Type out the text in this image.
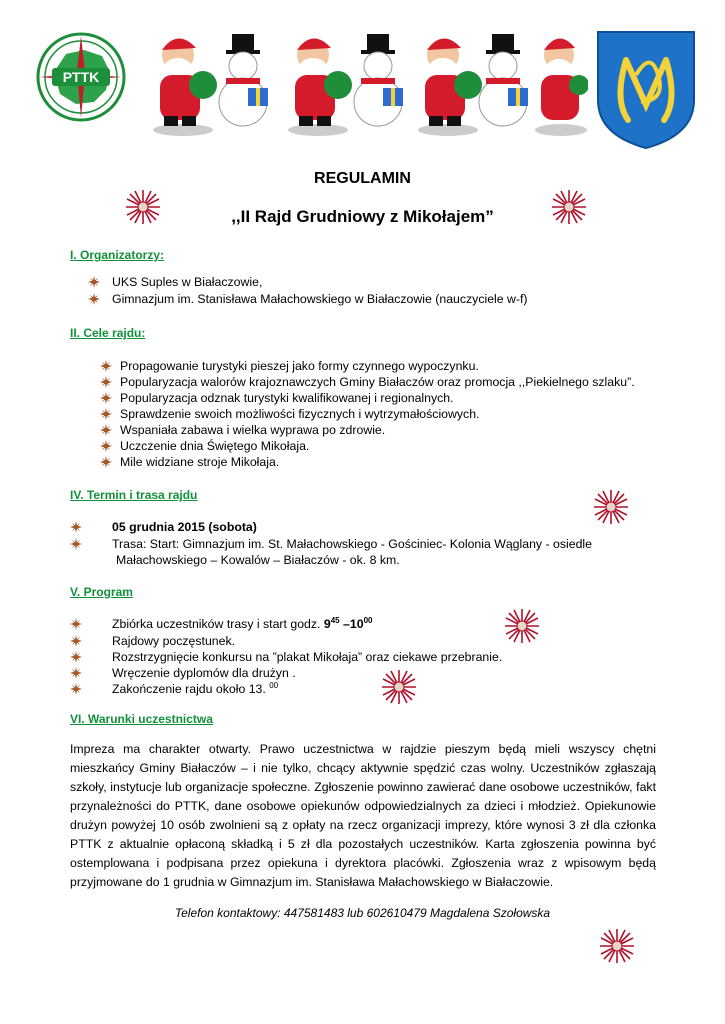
PTTK
REGULAMIN
,,II Rajd Grudniowy z Mikołajem”
I. Organizatorzy:
UKS Suples w Białaczowie,
Gimnazjum im. Stanisława Małachowskiego w Białaczowie (nauczyciele w-f)
II. Cele rajdu:
Propagowanie turystyki pieszej jako formy czynnego wypoczynku.
Popularyzacja walorów krajoznawczych Gminy Białaczów oraz promocja ,,Piekielnego szlaku”.
Popularyzacja odznak turystyki kwalifikowanej i regionalnych.
Sprawdzenie swoich możliwości fizycznych i wytrzymałościowych.
Wspaniała zabawa i wielka wyprawa po zdrowie.
Uczczenie dnia Świętego Mikołaja.
Mile widziane stroje Mikołaja.
IV. Termin i trasa rajdu
05 grudnia 2015 (sobota)
Trasa: Start: Gimnazjum im. St. Małachowskiego - Gościniec- Kolonia Wąglany - osiedle
Małachowskiego – Kowalów – Białaczów - ok. 8 km.
V. Program
Zbiórka uczestników trasy i start godz. $9^{45}$ $-10^{00}$
Rajdowy poczęstunek.
Rozstrzygnięcie konkursu na ”plakat Mikołaja” oraz ciekawe przebranie.
Wręczenie dyplomów dla drużyn .
Zakończenie rajdu około 13. $^{00}$
VI. Warunki uczestnictwa
Impreza ma charakter otwarty. Prawo uczestnictwa w rajdzie pieszym będą mieli wszyscy chętni
mieszkańcy Gminy Białaczów – i nie tylko, chcący aktywnie spędzić czas wolny. Uczestników zgłaszają
szkoły, instytucje lub organizacje społeczne. Zgłoszenie powinno zawierać dane osobowe uczestników, fakt
przynależności do PTTK, dane osobowe opiekunów odpowiedzialnych za dzieci i młodzież. Opiekunowie
drużyn powyżej 10 osób zwolnieni są z opłaty na rzecz organizacji imprezy, które wynosi 3 zł dla członka
PTTK z aktualnie opłaconą składką i 5 zł dla pozostałych uczestników. Karta zgłoszenia powinna być
ostemplowana i podpisana przez opiekuna i dyrektora placówki. Zgłoszenia wraz z wpisowym będą
przyjmowane do 1 grudnia w Gimnazjum im. Stanisława Małachowskiego w Białaczowie.
Telefon kontaktowy: 447581483 lub 602610479 Magdalena Szołowska
